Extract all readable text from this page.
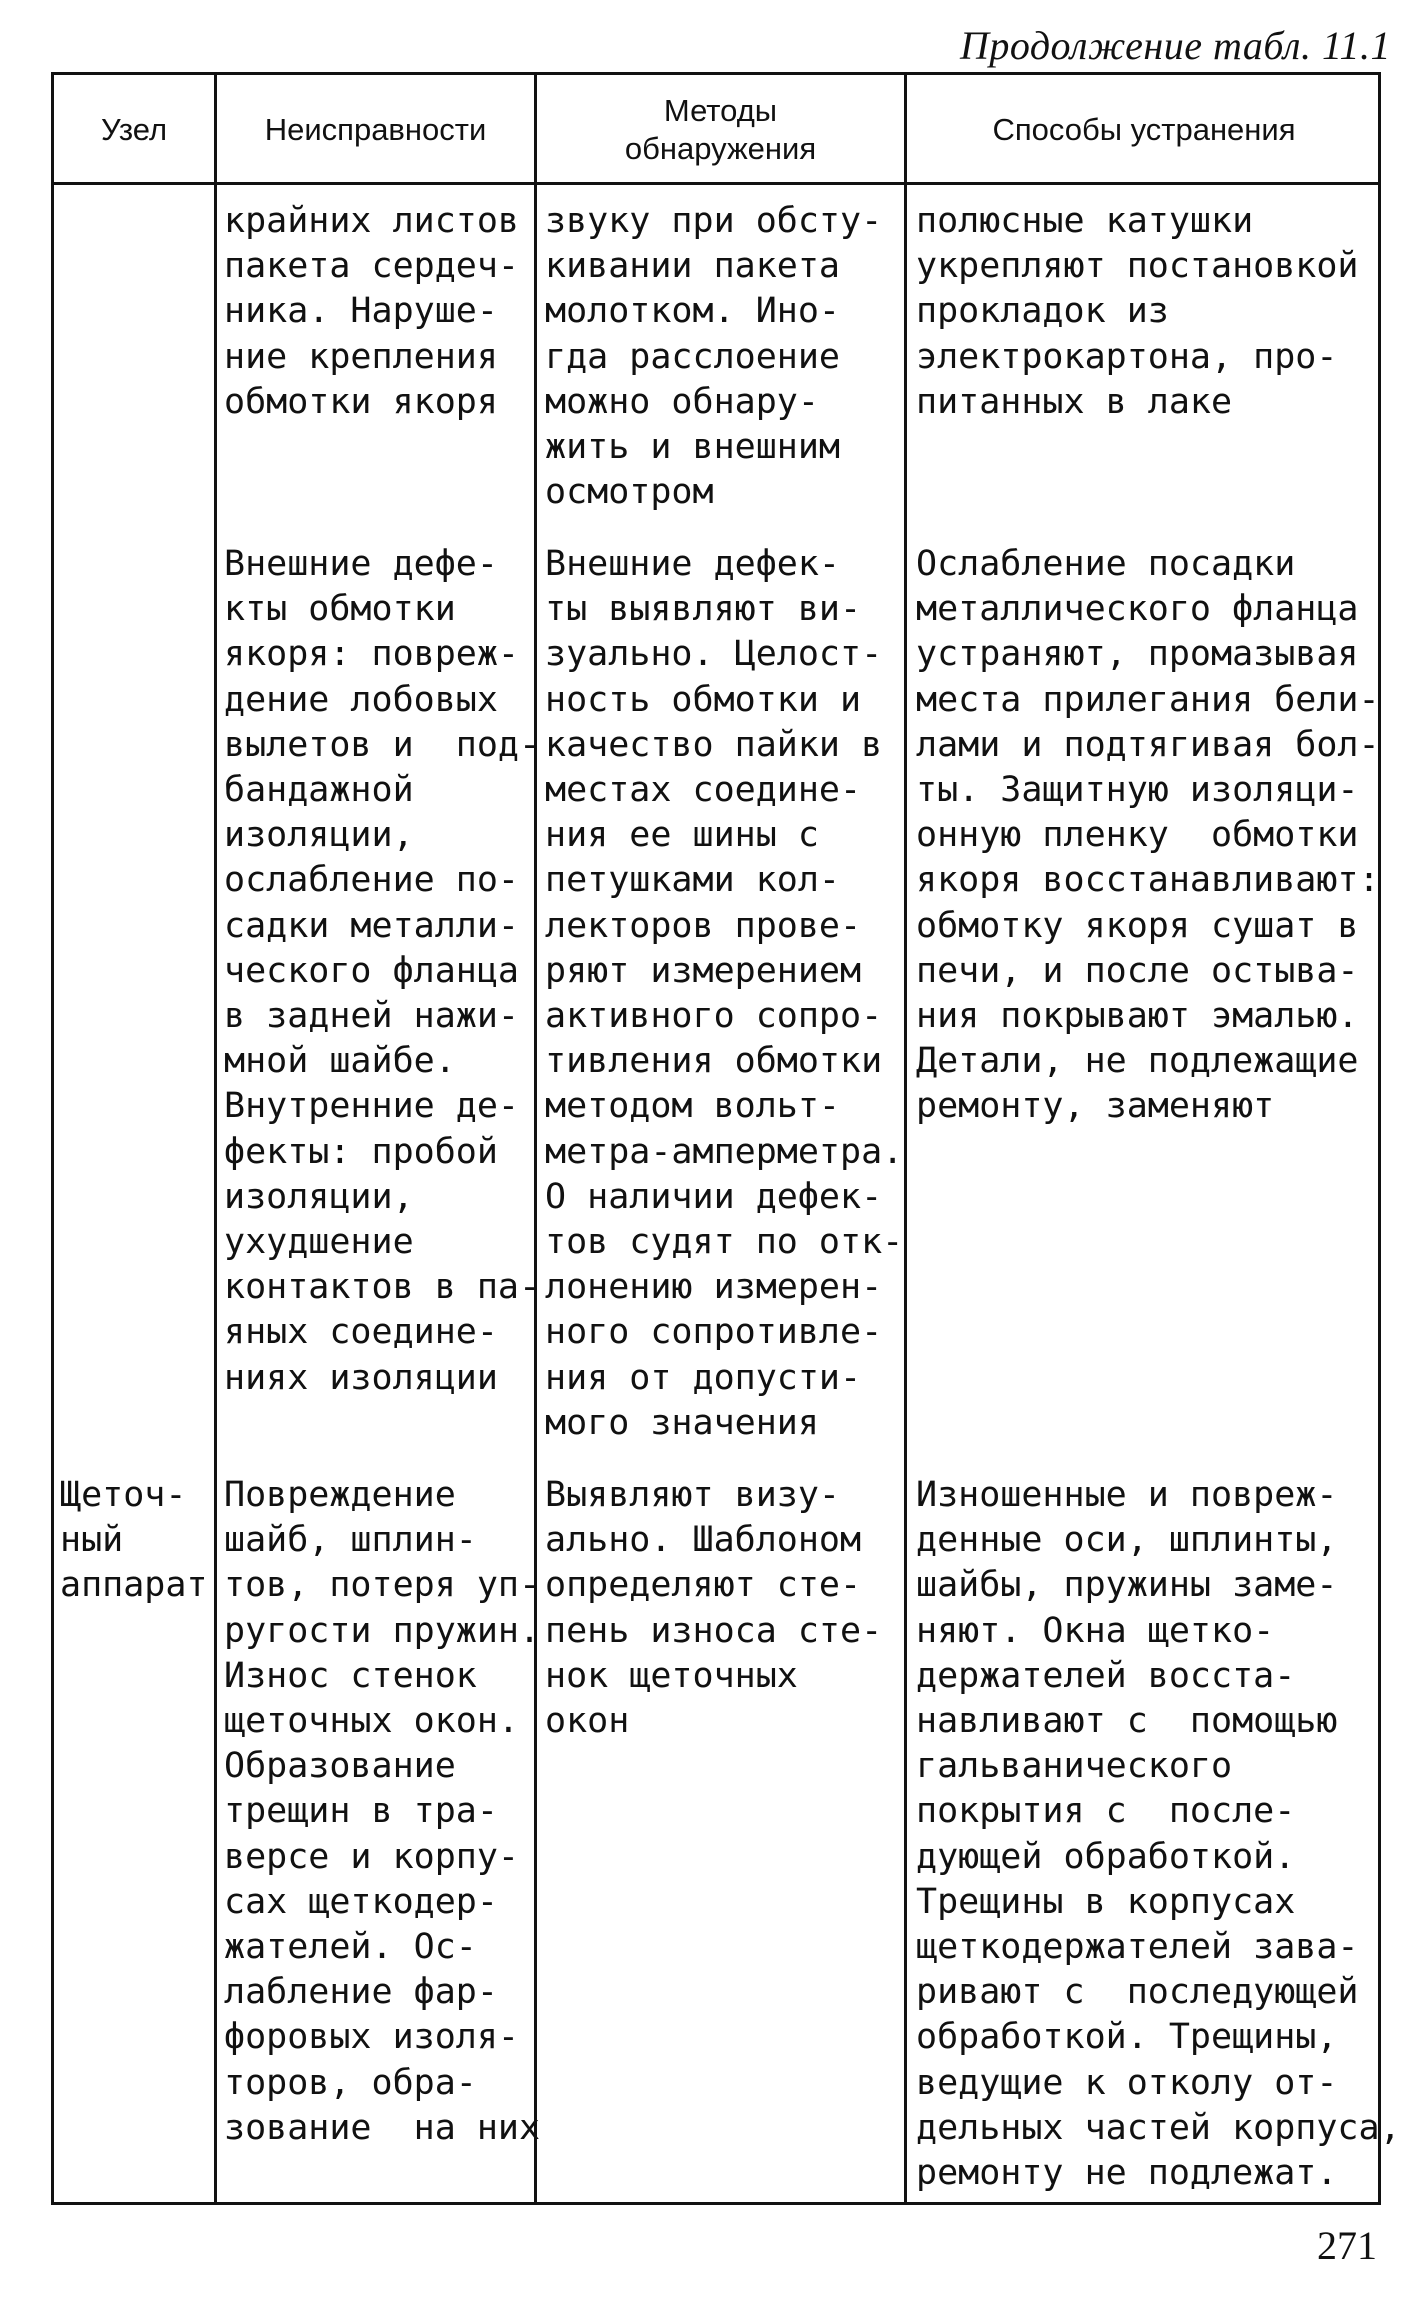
Продолжение табл. 11.1
Узел	Неисправности
Методы
обнаружения
Способы устранения
крайних листов
пакета сердеч-
ника. Наруше-
ние крепления
обмотки якоря
звуку при обсту-
кивании пакета
молотком. Ино-
гда расслоение
можно обнару-
жить и внешним
осмотром
полюсные катушки
укрепляют постановкой
прокладок из
электрокартона, про-
питанных в лаке
Внешние дефе-
кты обмотки
якоря: повреж-
дение лобовых
вылетов и  под-
бандажной
изоляции,
ослабление по-
садки металли-
ческого фланца
в задней нажи-
мной шайбе.
Внутренние де-
фекты: пробой
изоляции,
ухудшение
контактов в па-
яных соедине-
ниях изоляции
Внешние дефек-
ты выявляют ви-
зуально. Целост-
ность обмотки и
качество пайки в
местах соедине-
ния ее шины с
петушками кол-
лекторов прове-
ряют измерением
активного сопро-
тивления обмотки
методом вольт-
метра-амперметра.
О наличии дефек-
тов судят по отк-
лонению измерен-
ного сопротивле-
ния от допусти-
мого значения
Ослабление посадки
металлического фланца
устраняют, промазывая
места прилегания бели-
лами и подтягивая бол-
ты. Защитную изоляци-
онную пленку  обмотки
якоря восстанавливают:
обмотку якоря сушат в
печи, и после остыва-
ния покрывают эмалью.
Детали, не подлежащие
ремонту, заменяют
Щеточ-
ный
аппарат
Повреждение
шайб, шплин-
тов, потеря уп-
ругости пружин.
Износ стенок
щеточных окон.
Образование
трещин в тра-
версе и корпу-
сах щеткодер-
жателей. Ос-
лабление фар-
форовых изоля-
торов, обра-
зование  на них
Выявляют визу-
ально. Шаблоном
определяют сте-
пень износа сте-
нок щеточных
окон
Изношенные и повреж-
денные оси, шплинты,
шайбы, пружины заме-
няют. Окна щетко-
держателей восста-
навливают с  помощью
гальванического
покрытия с  после-
дующей обработкой.
Трещины в корпусах
щеткодержателей зава-
ривают с  последующей
обработкой. Трещины,
ведущие к отколу от-
дельных частей корпуса,
ремонту не подлежат.
271
